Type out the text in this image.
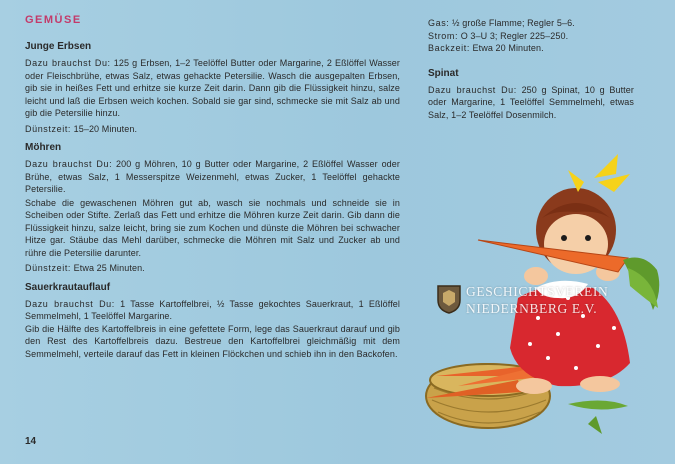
GEMÜSE
Junge Erbsen

Dazu brauchst Du: 125 g Erbsen, 1–2 Teelöffel Butter oder Margarine, 2 Eßlöffel Wasser oder Fleischbrühe, etwas Salz, etwas gehackte Petersilie. Wasch die ausgepalten Erbsen, gib sie in heißes Fett und erhitze sie kurze Zeit darin. Dann gib die Flüssigkeit hinzu, salze leicht und laß die Erbsen weich kochen. Sobald sie gar sind, schmecke sie mit Salz ab und gib die Petersilie hinzu.

Dünstzeit: 15–20 Minuten.

Möhren

Dazu brauchst Du: 200 g Möhren, 10 g Butter oder Margarine, 2 Eßlöffel Wasser oder Brühe, etwas Salz, 1 Messerspitze Weizenmehl, etwas Zucker, 1 Teelöffel gehackte Petersilie.

Schabe die gewaschenen Möhren gut ab, wasch sie nochmals und schneide sie in Scheiben oder Stifte. Zerlaß das Fett und erhitze die Möhren kurze Zeit darin. Gib dann die Flüssigkeit hinzu, salze leicht, bring sie zum Kochen und dünste die Möhren bei schwacher Hitze gar. Stäube das Mehl darüber, schmecke die Möhren mit Salz und Zucker ab und rühre die Petersilie darunter.

Dünstzeit: Etwa 25 Minuten.

Sauerkrautauflauf

Dazu brauchst Du: 1 Tasse Kartoffelbrei, ½ Tasse gekochtes Sauerkraut, 1 Eßlöffel Semmelmehl, 1 Teelöffel Margarine.

Gib die Hälfte des Kartoffelbreis in eine gefettete Form, lege das Sauerkraut darauf und gib den Rest des Kartoffelbreis dazu. Bestreue den Kartoffelbrei gleichmäßig mit dem Semmelmehl, verteile darauf das Fett in kleinen Flöckchen und schieb ihn in den Backofen.

14

Gas: ½ große Flamme; Regler 5–6.

Strom: O 3–U 3; Regler 225–250.

Backzeit: Etwa 20 Minuten.

Spinat

Dazu brauchst Du: 250 g Spinat, 10 g Butter oder Margarine, 1 Teelöffel Semmelmehl, etwas Salz, 1–2 Teelöffel Dosenmilch.

GESCHICHTSVEREIN
NIEDERNBERG E.V.
